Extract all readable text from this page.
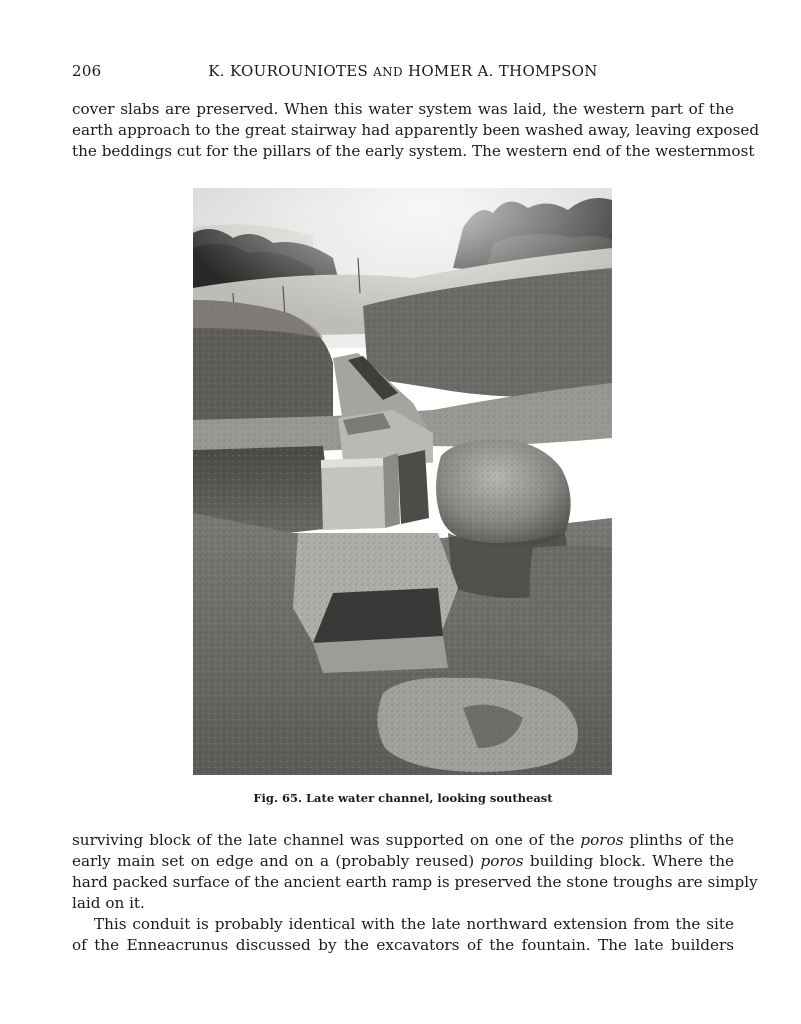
206	K. KOUROUNIOTES AND HOMER A. THOMPSON
cover slabs are preserved. When this water system was laid, the western part of the
earth approach to the great stairway had apparently been washed away, leaving exposed
the beddings cut for the pillars of the early system. The western end of the westernmost
Fig. 65. Late water channel, looking southeast
surviving block of the late channel was supported on one of the poros plinths of the
early main set on edge and on a (probably reused) poros building block. Where the
hard packed surface of the ancient earth ramp is preserved the stone troughs are simply
laid on it.
This conduit is probably identical with the late northward extension from the site
of the Enneacrunus discussed by the excavators of the fountain. The late builders
